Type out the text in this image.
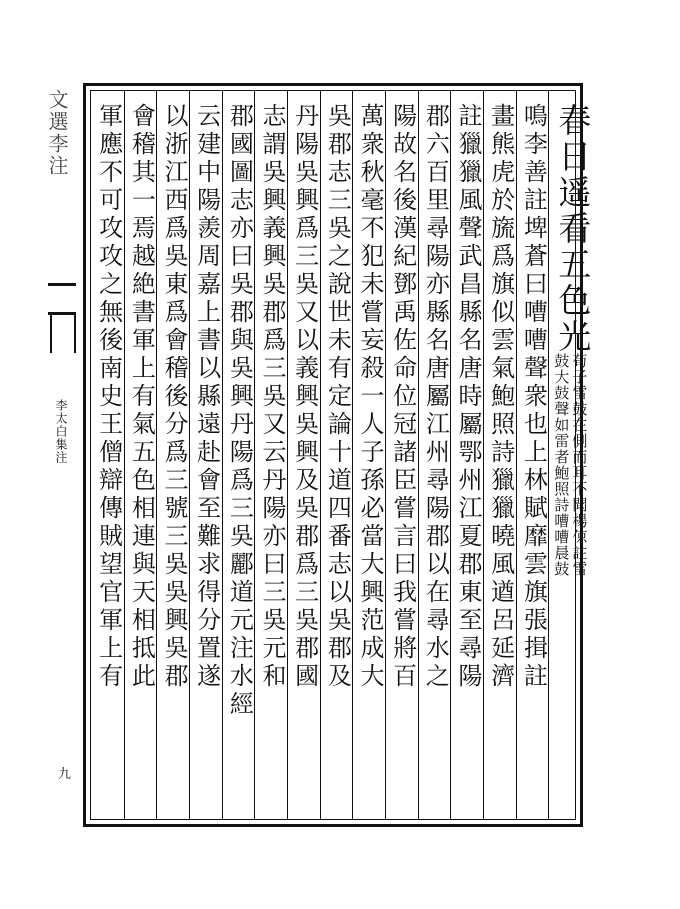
文選李注
李太白集注
九
春日遥看五色光
荀子雷鼓在側而耳不聞楊倞註雷
鼓大鼓聲如雷者鮑照詩嘈嘈晨鼓
鳴李善註埤蒼曰嘈嘈聲衆也上林賦靡雲旗張揖註
畫熊虎於旒爲旗似雲氣鮑照詩獵獵曉風遒呂延濟
註獵獵風聲武昌縣名唐時屬鄂州江夏郡東至尋陽
郡六百里尋陽亦縣名唐屬江州尋陽郡以在尋水之
陽故名後漢紀鄧禹佐命位冠諸臣嘗言曰我嘗將百
萬衆秋毫不犯未嘗妄殺一人子孫必當大興范成大
吳郡志三吳之說世未有定論十道四番志以吳郡及
丹陽吳興爲三吳又以義興吳興及吳郡爲三吳郡國
志謂吳興義興吳郡爲三吳又云丹陽亦曰三吳元和
郡國圖志亦曰吳郡與吳興丹陽爲三吳酈道元注水經
云建中陽羨周嘉上書以縣遠赴會至難求得分置遂
以浙江西爲吳東爲會稽後分爲三號三吳吳興吳郡
會稽其一焉越絶書軍上有氣五色相連與天相抵此
軍應不可攻攻之無後南史王僧辯傳賊望官軍上有
